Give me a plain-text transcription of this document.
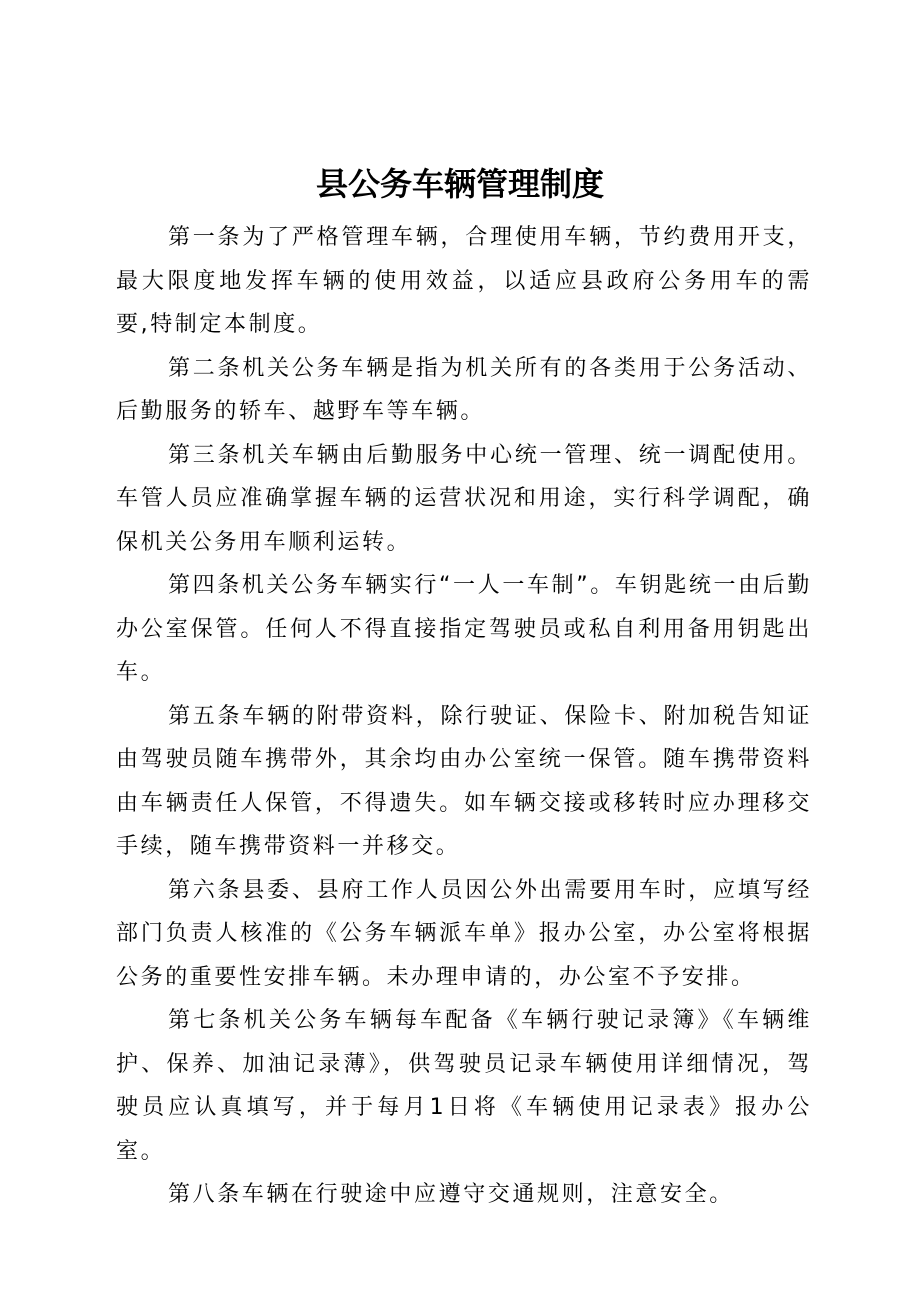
县公务车辆管理制度

第一条为了严格管理车辆，合理使用车辆，节约费用开支，最大限度地发挥车辆的使用效益，以适应县政府公务用车的需要,特制定本制度。

第二条机关公务车辆是指为机关所有的各类用于公务活动、后勤服务的轿车、越野车等车辆。

第三条机关车辆由后勤服务中心统一管理、统一调配使用。车管人员应准确掌握车辆的运营状况和用途，实行科学调配，确保机关公务用车顺利运转。

第四条机关公务车辆实行“一人一车制”。车钥匙统一由后勤办公室保管。任何人不得直接指定驾驶员或私自利用备用钥匙出车。

第五条车辆的附带资料，除行驶证、保险卡、附加税告知证由驾驶员随车携带外，其余均由办公室统一保管。随车携带资料由车辆责任人保管，不得遗失。如车辆交接或移转时应办理移交手续，随车携带资料一并移交。

第六条县委、县府工作人员因公外出需要用车时，应填写经部门负责人核准的《公务车辆派车单》报办公室，办公室将根据公务的重要性安排车辆。未办理申请的，办公室不予安排。

第七条机关公务车辆每车配备《车辆行驶记录簿》《车辆维护、保养、加油记录薄》，供驾驶员记录车辆使用详细情况，驾驶员应认真填写，并于每月1日将《车辆使用记录表》报办公室。

第八条车辆在行驶途中应遵守交通规则，注意安全。
